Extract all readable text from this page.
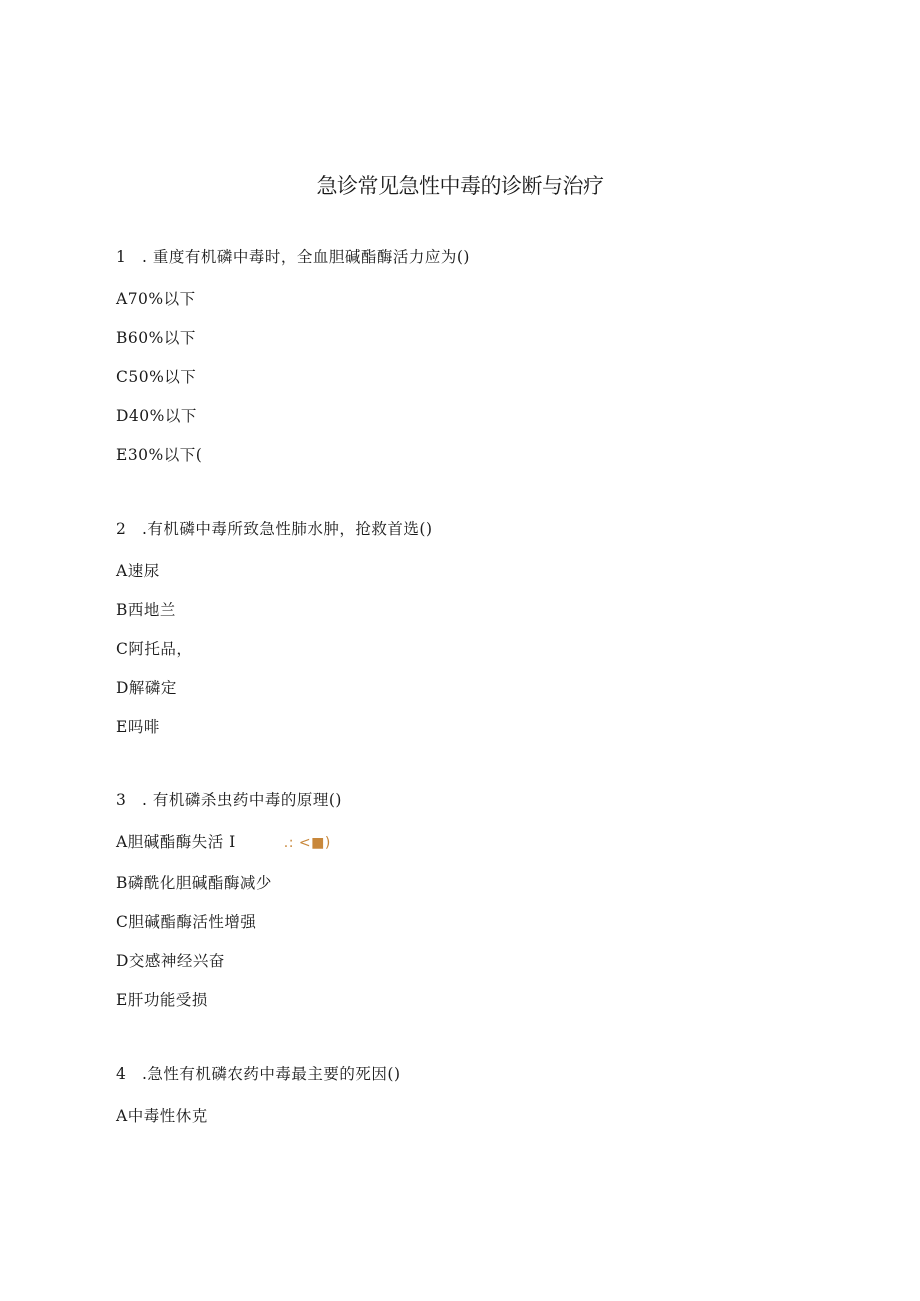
急诊常见急性中毒的诊断与治疗
1 . 重度有机磷中毒时，全血胆碱酯酶活力应为()
A70%以下
B60%以下
C50%以下
D40%以下
E30%以下(
2 .有机磷中毒所致急性肺水肿，抢救首选()
A速尿
B西地兰
C阿托品，
D解磷定
E吗啡
3 . 有机磷杀虫药中毒的原理()
A胆碱酯酶失活 I	.: <■)
B磷酰化胆碱酯酶减少
C胆碱酯酶活性增强
D交感神经兴奋
E肝功能受损
4 .急性有机磷农药中毒最主要的死因()
A中毒性休克
